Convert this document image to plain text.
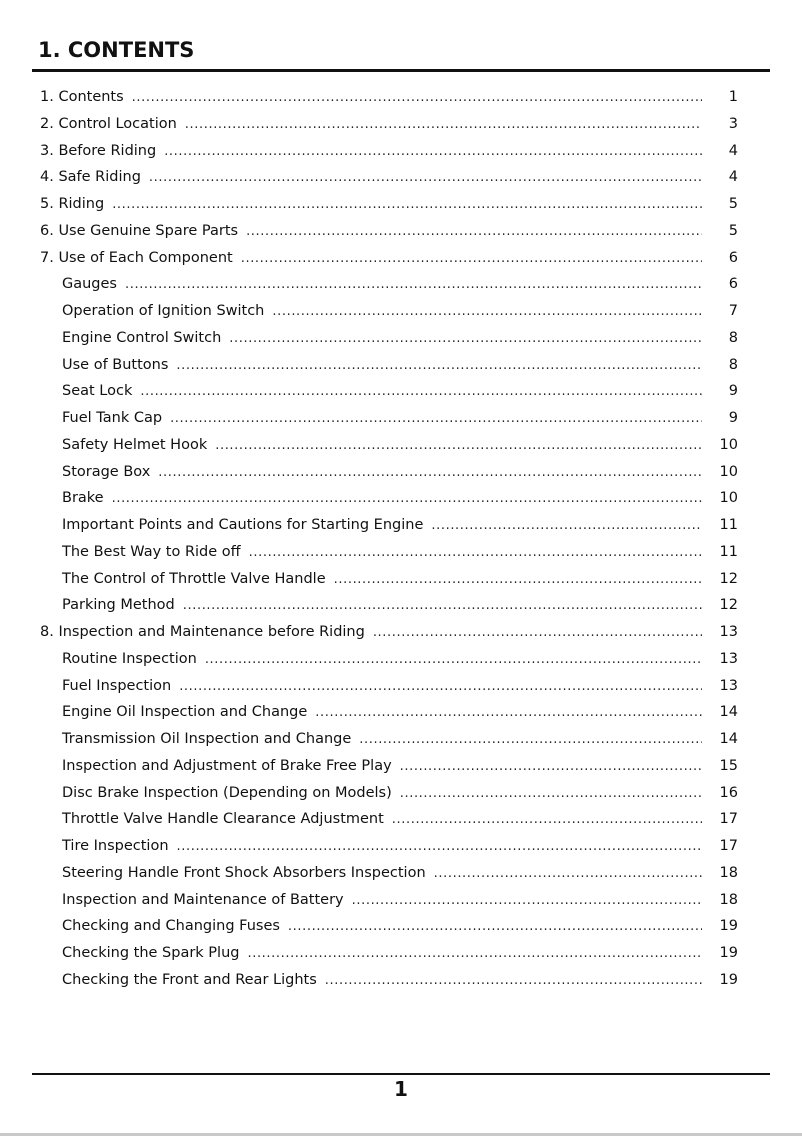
1. CONTENTS
1. Contents .....	1
2. Control Location .....	3
3. Before Riding .....	4
4. Safe Riding .....	4
5. Riding .....	5
6. Use Genuine Spare Parts .....	5
7. Use of Each Component .....	6
Gauges .....	6
Operation of Ignition Switch .....	7
Engine Control Switch .....	8
Use of Buttons .....	8
Seat Lock .....	9
Fuel Tank Cap .....	9
Safety Helmet Hook .....	10
Storage Box .....	10
Brake .....	10
Important Points and Cautions for Starting Engine .....	11
The Best Way to Ride off .....	11
The Control of Throttle Valve Handle .....	12
Parking Method .....	12
8. Inspection and Maintenance before Riding .....	13
Routine Inspection .....	13
Fuel Inspection .....	13
Engine Oil Inspection and Change .....	14
Transmission Oil Inspection and Change .....	14
Inspection and Adjustment of Brake Free Play .....	15
Disc Brake Inspection (Depending on Models) .....	16
Throttle Valve Handle Clearance Adjustment .....	17
Tire Inspection .....	17
Steering Handle Front Shock Absorbers Inspection .....	18
Inspection and Maintenance of Battery .....	18
Checking and Changing Fuses .....	19
Checking the Spark Plug .....	19
Checking the Front and Rear Lights .....	19
1
